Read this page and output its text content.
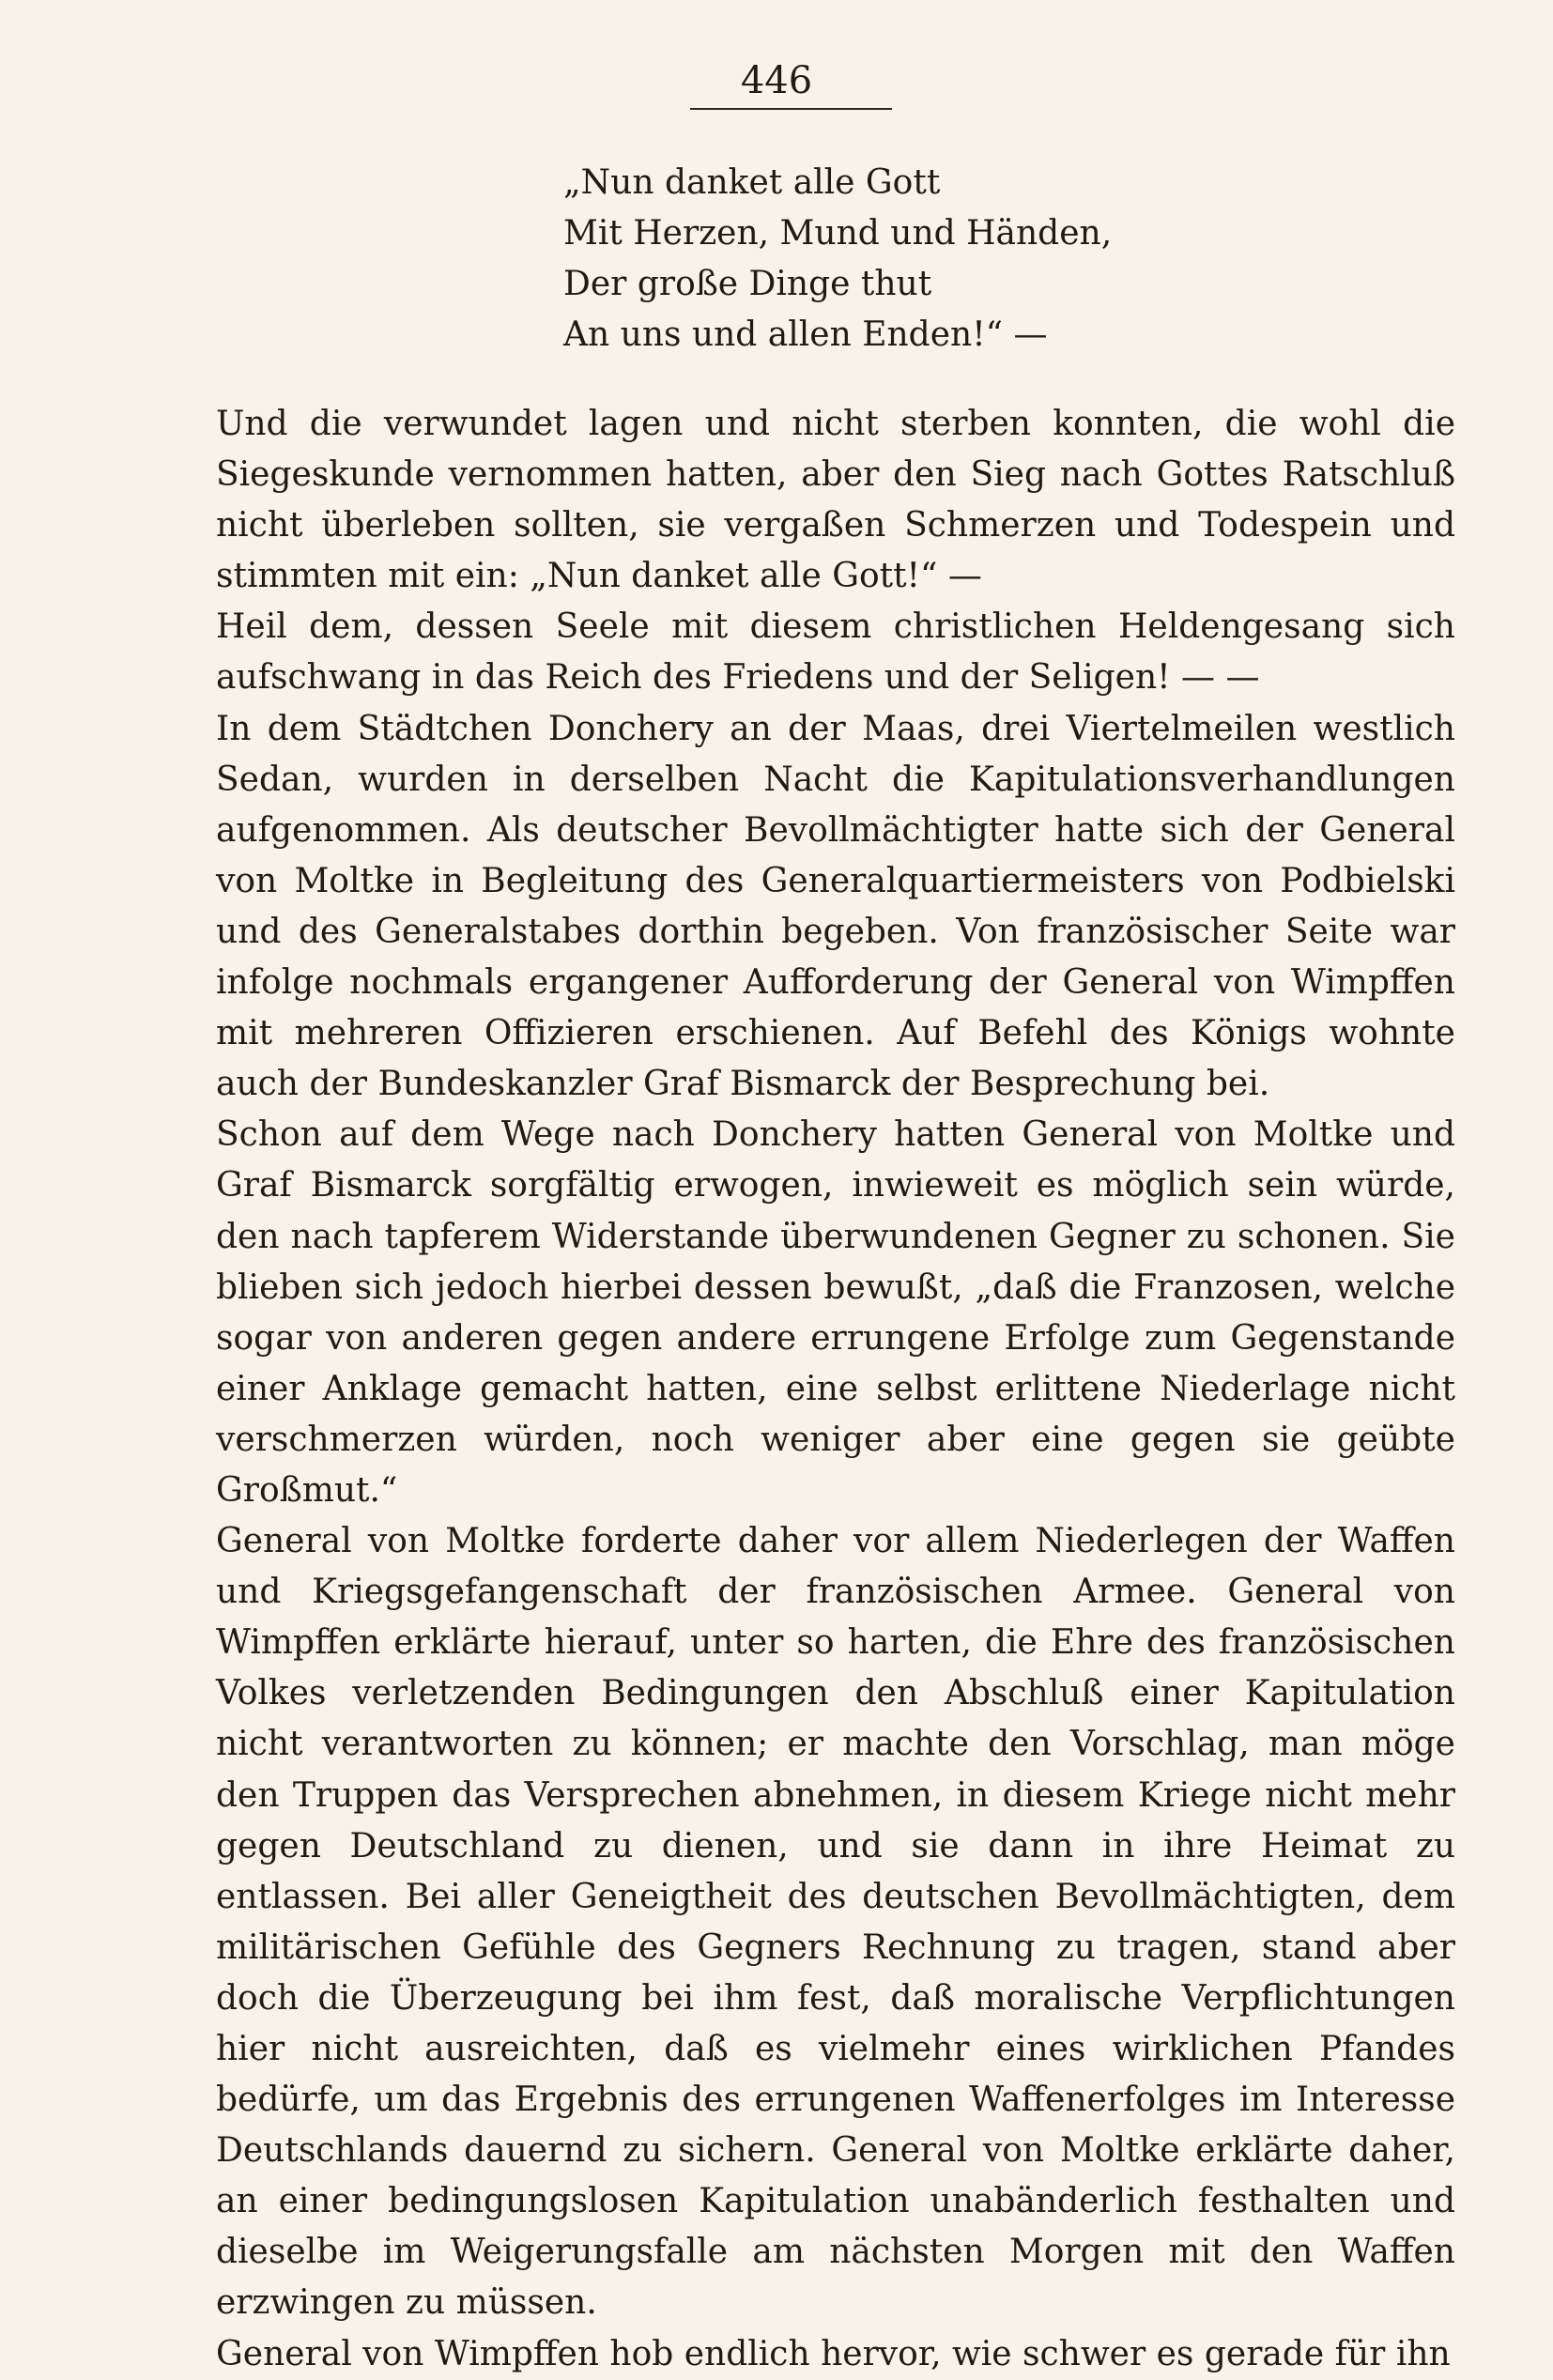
446
„Nun danket alle Gott
Mit Herzen, Mund und Händen,
Der große Dinge thut
An uns und allen Enden!“ —

Und die verwundet lagen und nicht sterben konnten, die wohl die Siegeskunde vernommen hatten, aber den Sieg nach Gottes Ratschluß nicht überleben sollten, sie vergaßen Schmerzen und Todespein und stimmten mit ein: „Nun danket alle Gott!“ —

Heil dem, dessen Seele mit diesem christlichen Heldengesang sich aufschwang in das Reich des Friedens und der Seligen! — —

In dem Städtchen Donchery an der Maas, drei Viertelmeilen westlich Sedan, wurden in derselben Nacht die Kapitulationsverhandlungen aufgenommen. Als deutscher Bevollmächtigter hatte sich der General von Moltke in Begleitung des Generalquartiermeisters von Podbielski und des Generalstabes dorthin begeben. Von französischer Seite war infolge nochmals ergangener Aufforderung der General von Wimpffen mit mehreren Offizieren erschienen. Auf Befehl des Königs wohnte auch der Bundeskanzler Graf Bismarck der Besprechung bei.

Schon auf dem Wege nach Donchery hatten General von Moltke und Graf Bismarck sorgfältig erwogen, inwieweit es möglich sein würde, den nach tapferem Widerstande überwundenen Gegner zu schonen. Sie blieben sich jedoch hierbei dessen bewußt, „daß die Franzosen, welche sogar von anderen gegen andere errungene Erfolge zum Gegenstande einer Anklage gemacht hatten, eine selbst erlittene Niederlage nicht verschmerzen würden, noch weniger aber eine gegen sie geübte Großmut.“

General von Moltke forderte daher vor allem Niederlegen der Waffen und Kriegsgefangenschaft der französischen Armee. General von Wimpffen erklärte hierauf, unter so harten, die Ehre des französischen Volkes verletzenden Bedingungen den Abschluß einer Kapitulation nicht verantworten zu können; er machte den Vorschlag, man möge den Truppen das Versprechen abnehmen, in diesem Kriege nicht mehr gegen Deutschland zu dienen, und sie dann in ihre Heimat zu entlassen. Bei aller Geneigtheit des deutschen Bevollmächtigten, dem militärischen Gefühle des Gegners Rechnung zu tragen, stand aber doch die Überzeugung bei ihm fest, daß moralische Verpflichtungen hier nicht ausreichten, daß es vielmehr eines wirklichen Pfandes bedürfe, um das Ergebnis des errungenen Waffenerfolges im Interesse Deutschlands dauernd zu sichern. General von Moltke erklärte daher, an einer bedingungslosen Kapitulation unabänderlich festhalten und dieselbe im Weigerungsfalle am nächsten Morgen mit den Waffen erzwingen zu müssen.

General von Wimpffen hob endlich hervor, wie schwer es gerade für ihn
